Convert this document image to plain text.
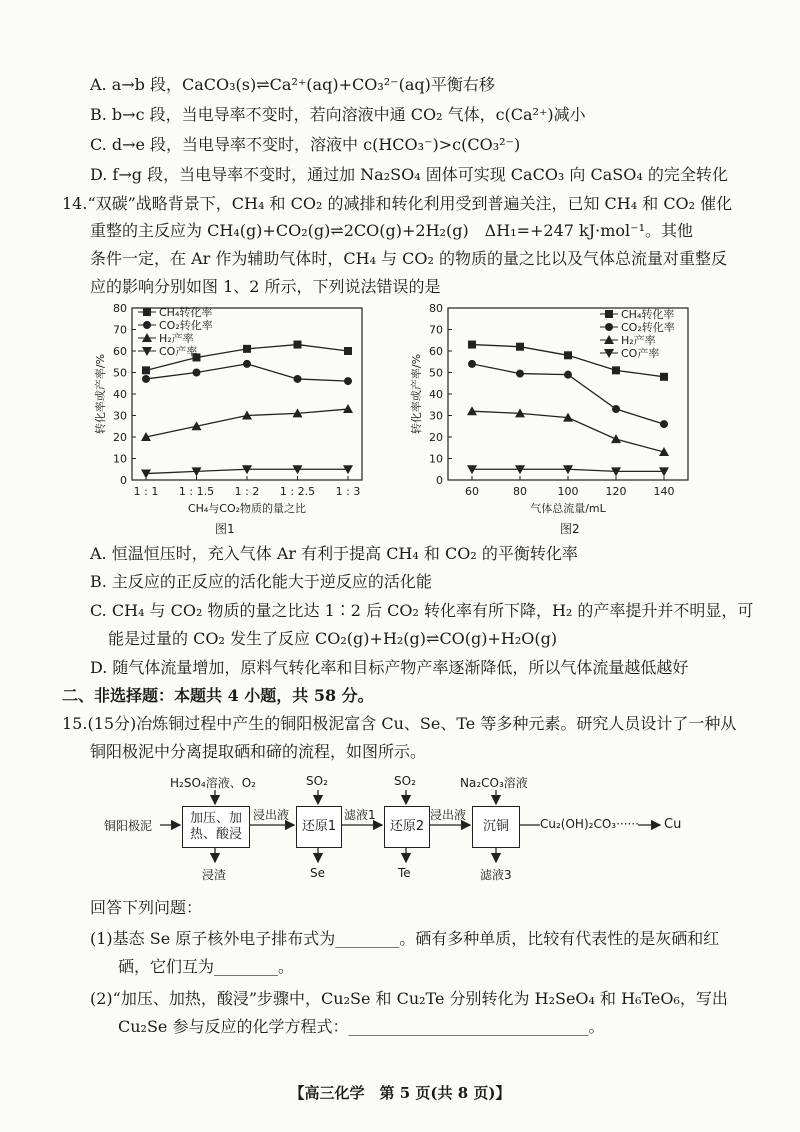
A. a→b 段，CaCO₃(s)⇌Ca²⁺(aq)+CO₃²⁻(aq)平衡右移
B. b→c 段，当电导率不变时，若向溶液中通 CO₂ 气体，c(Ca²⁺)减小
C. d→e 段，当电导率不变时，溶液中 c(HCO₃⁻)>c(CO₃²⁻)
D. f→g 段，当电导率不变时，通过加 Na₂SO₄ 固体可实现 CaCO₃ 向 CaSO₄ 的完全转化
14.“双碳”战略背景下，CH₄ 和 CO₂ 的减排和转化利用受到普遍关注，已知 CH₄ 和 CO₂ 催化
重整的主反应为 CH₄(g)+CO₂(g)⇌2CO(g)+2H₂(g)　ΔH₁=+247 kJ·mol⁻¹。其他
条件一定，在 Ar 作为辅助气体时，CH₄ 与 CO₂ 的物质的量之比以及气体总流量对重整反
应的影响分别如图 1、2 所示，下列说法错误的是
0
10
20
30
40
50
60
70
80
1 : 1 1 : 1.5 1 : 2 1 : 2.5 1 : 3
CH₄与CO₂物质的量之比
转化率或产率/%
CH₄转化率
CO₂转化率
H₂产率
CO产率
图1
0
10
20
30
40
50
60
70
80
60	80	100 120 140
气体总流量/mL
转化率或产率/%
CH₄转化率
CO₂转化率
H₂产率
CO产率
图2
A. 恒温恒压时，充入气体 Ar 有利于提高 CH₄ 和 CO₂ 的平衡转化率
B. 主反应的正反应的活化能大于逆反应的活化能
C. CH₄ 与 CO₂ 物质的量之比达 1∶2 后 CO₂ 转化率有所下降，H₂ 的产率提升并不明显，可
能是过量的 CO₂ 发生了反应 CO₂(g)+H₂(g)⇌CO(g)+H₂O(g)
D. 随气体流量增加，原料气转化率和目标产物产率逐渐降低，所以气体流量越低越好
二、非选择题：本题共 4 小题，共 58 分。
15.(15分)冶炼铜过程中产生的铜阳极泥富含 Cu、Se、Te 等多种元素。研究人员设计了一种从
铜阳极泥中分离提取硒和碲的流程，如图所示。
铜阳极泥	加压、加热、酸浸
H₂SO₄溶液、O₂
浸渣
浸出液
还原1
SO₂
Se
滤液1
还原2
SO₂
Te
浸出液
沉铜
Na₂CO₃溶液
滤液3
Cu₂(OH)₂CO₃······ Cu
回答下列问题：
(1)基态 Se 原子核外电子排布式为________。硒有多种单质，比较有代表性的是灰硒和红
硒，它们互为________。
(2)“加压、加热，酸浸”步骤中，Cu₂Se 和 Cu₂Te 分别转化为 H₂SeO₄ 和 H₆TeO₆，写出
Cu₂Se 参与反应的化学方程式：______________________________。
【高三化学　第 5 页(共 8 页)】
